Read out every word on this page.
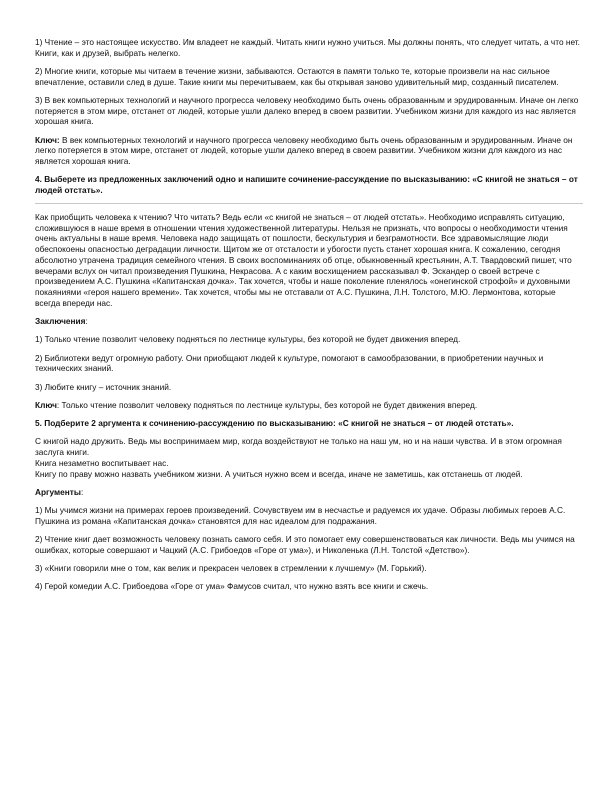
1) Чтение – это настоящее искусство. Им владеет не каждый. Читать книги нужно учиться. Мы должны понять, что следует читать, а что нет. Книги, как и друзей, выбрать нелегко.

2) Многие книги, которые мы читаем в течение жизни, забываются. Остаются в памяти только те, которые произвели на нас сильное впечатление, оставили след в душе. Такие книги мы перечитываем, как бы открывая заново удивительный мир, созданный писателем.

3) В век компьютерных технологий и научного прогресса человеку необходимо быть очень образованным и эрудированным. Иначе он легко потеряется в этом мире, отстанет от людей, которые ушли далеко вперед в своем развитии. Учебником жизни для каждого из нас является хорошая книга.

Ключ: В век компьютерных технологий и научного прогресса человеку необходимо быть очень образованным и эрудированным. Иначе он легко потеряется в этом мире, отстанет от людей, которые ушли далеко вперед в своем развитии. Учебником жизни для каждого из нас является хорошая книга.

4. Выберете из предложенных заключений одно и напишите сочинение-рассуждение по высказыванию: «С книгой не знаться – от людей отстать».

Как приобщить человека к чтению? Что читать? Ведь если «с книгой не знаться – от людей отстать». Необходимо исправлять ситуацию, сложившуюся в наше время в отношении чтения художественной литературы. Нельзя не признать, что вопросы о необходимости чтения очень актуальны в наше время. Человека надо защищать от пошлости, бескультурия и безграмотности. Все здравомыслящие люди обеспокоены опасностью деградации личности. Щитом же от отсталости и убогости пусть станет хорошая книга. К сожалению, сегодня абсолютно утрачена традиция семейного чтения. В своих воспоминаниях об отце, обыкновенный крестьянин, А.Т. Твардовский пишет, что вечерами вслух он читал произведения Пушкина, Некрасова. А с каким восхищением рассказывал Ф. Эскандер о своей встрече с произведением А.С. Пушкина «Капитанская дочка». Так хочется, чтобы и наше поколение пленялось «онегинской строфой» и духовными покаяниями «героя нашего времени». Так хочется, чтобы мы не отставали от А.С. Пушкина, Л.Н. Толстого, М.Ю. Лермонтова, которые всегда впереди нас.

Заключения:

1) Только чтение позволит человеку подняться по лестнице культуры, без которой не будет движения вперед.

2) Библиотеки ведут огромную работу. Они приобщают людей к культуре, помогают в самообразовании, в приобретении научных и технических знаний.

3) Любите книгу – источник знаний.

Ключ: Только чтение позволит человеку подняться по лестнице культуры, без которой не будет движения вперед.

5. Подберите 2 аргумента к сочинению-рассуждению по высказыванию: «С книгой не знаться – от людей отстать».

С книгой надо дружить. Ведь мы воспринимаем мир, когда воздействуют не только на наш ум, но и на наши чувства. И в этом огромная заслуга книги.
Книга незаметно воспитывает нас.
Книгу по праву можно назвать учебником жизни. А учиться нужно всем и всегда, иначе не заметишь, как отстанешь от людей.

Аргументы:

1) Мы учимся жизни на примерах героев произведений. Сочувствуем им в несчастье и радуемся их удаче. Образы любимых героев А.С. Пушкина из романа «Капитанская дочка» становятся для нас идеалом для подражания.

2) Чтение книг дает возможность человеку познать самого себя. И это помогает ему совершенствоваться как личности. Ведь мы учимся на ошибках, которые совершают и Чацкий (А.С. Грибоедов «Горе от ума»), и Николенька (Л.Н. Толстой «Детство»).

3) «Книги говорили мне о том, как велик и прекрасен человек в стремлении к лучшему» (М. Горький).

4) Герой комедии А.С. Грибоедова «Горе от ума» Фамусов считал, что нужно взять все книги и сжечь.
